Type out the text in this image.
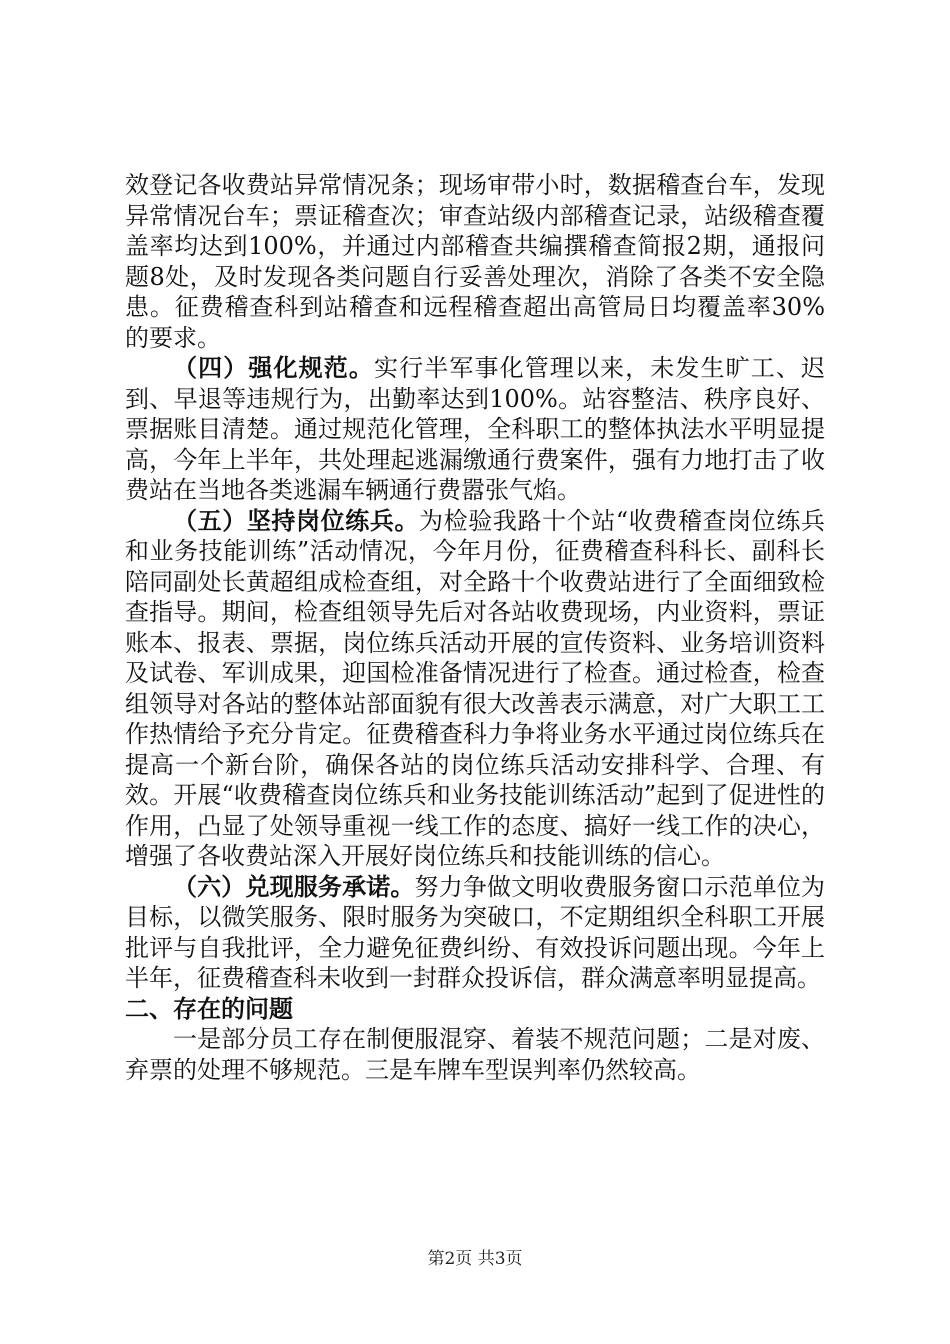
效登记各收费站异常情况条；现场审带小时，数据稽查台车，发现异常情况台车；票证稽查次；审查站级内部稽查记录，站级稽查覆盖率均达到100%，并通过内部稽查共编撰稽查简报2期，通报问题8处，及时发现各类问题自行妥善处理次，消除了各类不安全隐患。征费稽查科到站稽查和远程稽查超出高管局日均覆盖率30%的要求。

（四）强化规范。实行半军事化管理以来，未发生旷工、迟到、早退等违规行为，出勤率达到100%。站容整洁、秩序良好、票据账目清楚。通过规范化管理，全科职工的整体执法水平明显提高，今年上半年，共处理起逃漏缴通行费案件，强有力地打击了收费站在当地各类逃漏车辆通行费嚣张气焰。

（五）坚持岗位练兵。为检验我路十个站“收费稽查岗位练兵和业务技能训练”活动情况，今年月份，征费稽查科科长、副科长陪同副处长黄超组成检查组，对全路十个收费站进行了全面细致检查指导。期间，检查组领导先后对各站收费现场，内业资料，票证账本、报表、票据，岗位练兵活动开展的宣传资料、业务培训资料及试卷、军训成果，迎国检准备情况进行了检查。通过检查，检查组领导对各站的整体站部面貌有很大改善表示满意，对广大职工工作热情给予充分肯定。征费稽查科力争将业务水平通过岗位练兵在提高一个新台阶，确保各站的岗位练兵活动安排科学、合理、有效。开展“收费稽查岗位练兵和业务技能训练活动”起到了促进性的作用，凸显了处领导重视一线工作的态度、搞好一线工作的决心，增强了各收费站深入开展好岗位练兵和技能训练的信心。

（六）兑现服务承诺。努力争做文明收费服务窗口示范单位为目标，以微笑服务、限时服务为突破口，不定期组织全科职工开展批评与自我批评，全力避免征费纠纷、有效投诉问题出现。今年上半年，征费稽查科未收到一封群众投诉信，群众满意率明显提高。

二、存在的问题

一是部分员工存在制便服混穿、着装不规范问题；二是对废、弃票的处理不够规范。三是车牌车型误判率仍然较高。

第2页 共3页
